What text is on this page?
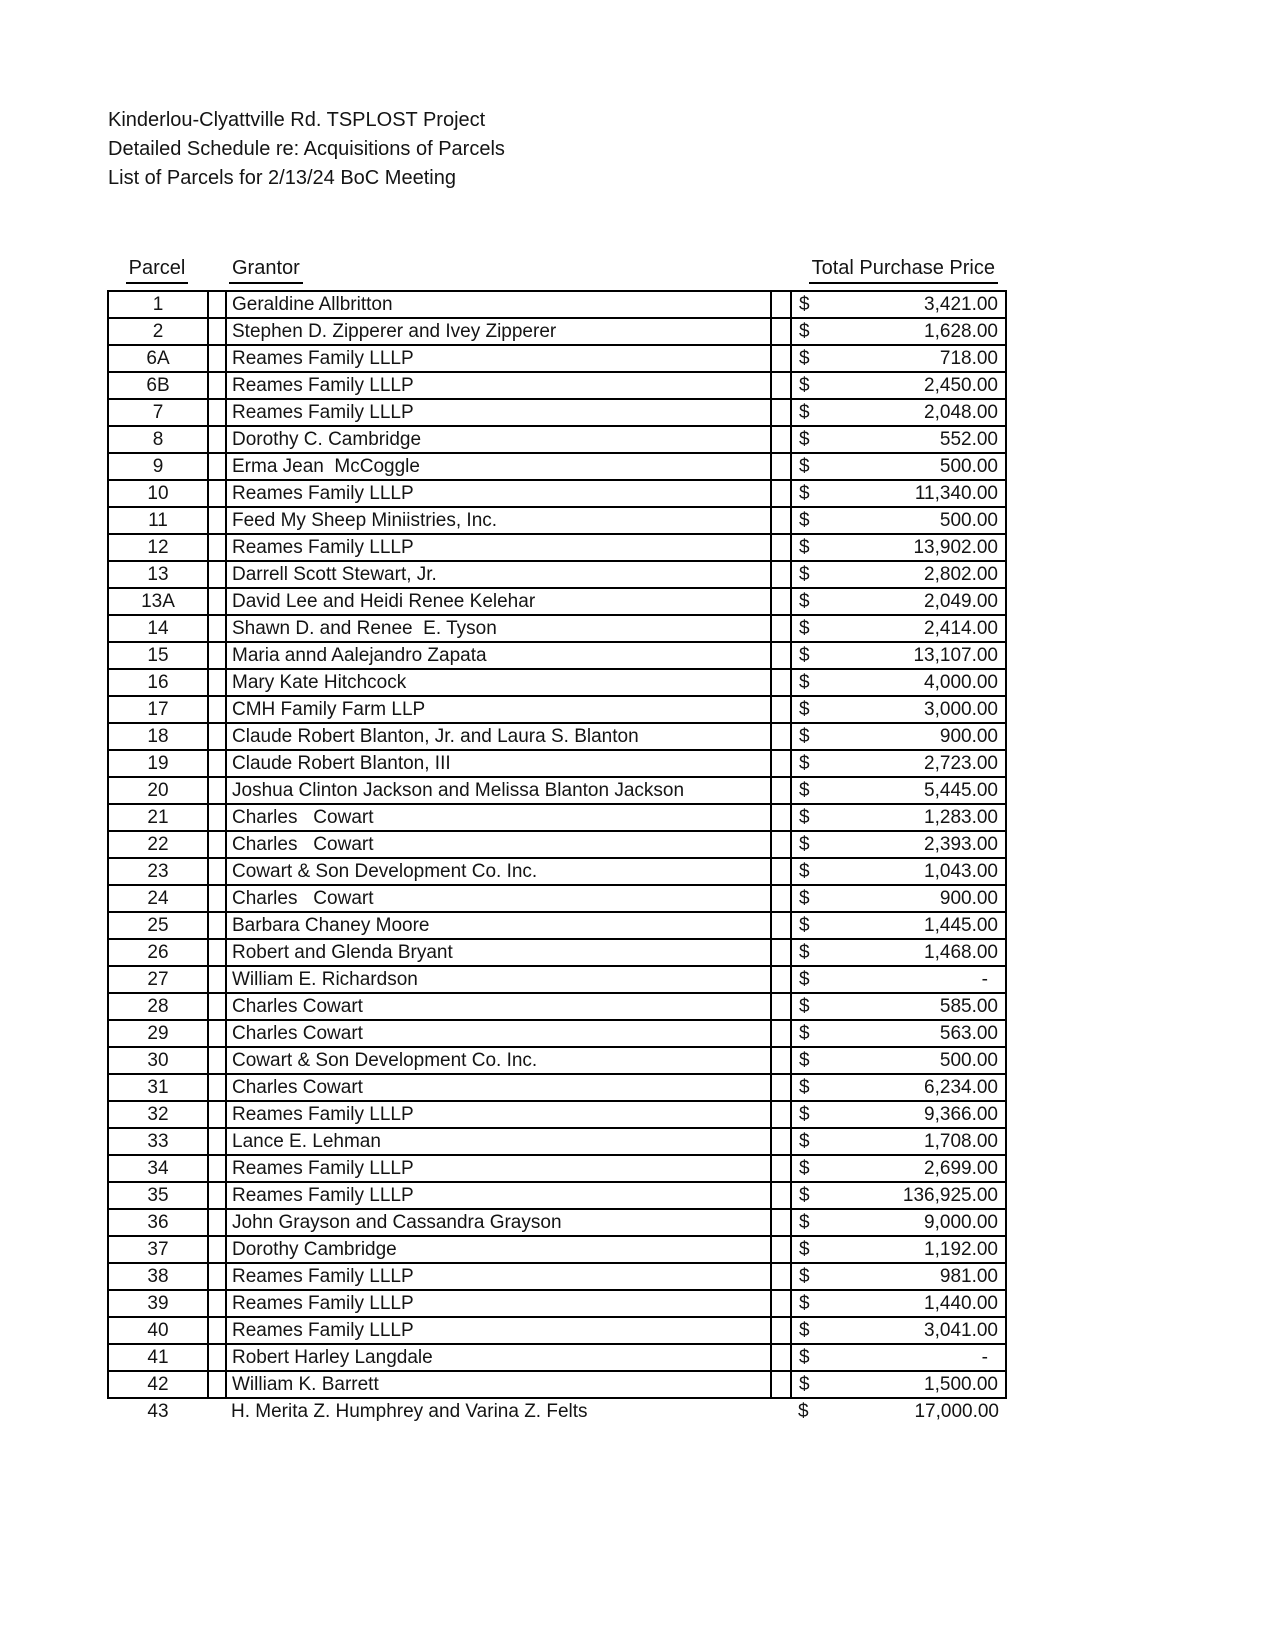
Kinderlou-Clyattville Rd. TSPLOST Project
Detailed Schedule re: Acquisitions of Parcels
List of Parcels for 2/13/24 BoC Meeting
Parcel	Grantor	Total Purchase Price
1		Geraldine Allbritton		$ 3,421.00

2		Stephen D. Zipperer and Ivey Zipperer		$ 1,628.00

6A		Reames Family LLLP		$ 718.00

6B		Reames Family LLLP		$ 2,450.00

7		Reames Family LLLP		$ 2,048.00

8		Dorothy C. Cambridge		$ 552.00

9		Erma Jean  McCoggle		$ 500.00

10		Reames Family LLLP		$ 11,340.00

11		Feed My Sheep Miniistries, Inc.		$ 500.00

12		Reames Family LLLP		$ 13,902.00

13		Darrell Scott Stewart, Jr.		$ 2,802.00

13A		David Lee and Heidi Renee Kelehar		$ 2,049.00

14		Shawn D. and Renee  E. Tyson		$ 2,414.00

15		Maria annd Aalejandro Zapata		$ 13,107.00

16		Mary Kate Hitchcock		$ 4,000.00

17		CMH Family Farm LLP		$ 3,000.00

18		Claude Robert Blanton, Jr. and Laura S. Blanton		$ 900.00

19		Claude Robert Blanton, III		$ 2,723.00

20		Joshua Clinton Jackson and Melissa Blanton Jackson		$ 5,445.00

21		Charles   Cowart		$ 1,283.00

22		Charles   Cowart		$ 2,393.00

23		Cowart & Son Development Co. Inc.		$ 1,043.00

24		Charles   Cowart		$ 900.00

25		Barbara Chaney Moore		$ 1,445.00

26		Robert and Glenda Bryant		$ 1,468.00

27		William E. Richardson		$ -

28		Charles Cowart		$ 585.00

29		Charles Cowart		$ 563.00

30		Cowart & Son Development Co. Inc.		$ 500.00

31		Charles Cowart		$ 6,234.00

32		Reames Family LLLP		$ 9,366.00

33		Lance E. Lehman		$ 1,708.00

34		Reames Family LLLP		$ 2,699.00

35		Reames Family LLLP		$ 136,925.00

36		John Grayson and Cassandra Grayson		$ 9,000.00

37		Dorothy Cambridge		$ 1,192.00

38		Reames Family LLLP		$ 981.00

39		Reames Family LLLP		$ 1,440.00

40		Reames Family LLLP		$ 3,041.00

41		Robert Harley Langdale		$ -

42		William K. Barrett		$ 1,500.00

43		H. Merita Z. Humphrey and Varina Z. Felts		$ 17,000.00
